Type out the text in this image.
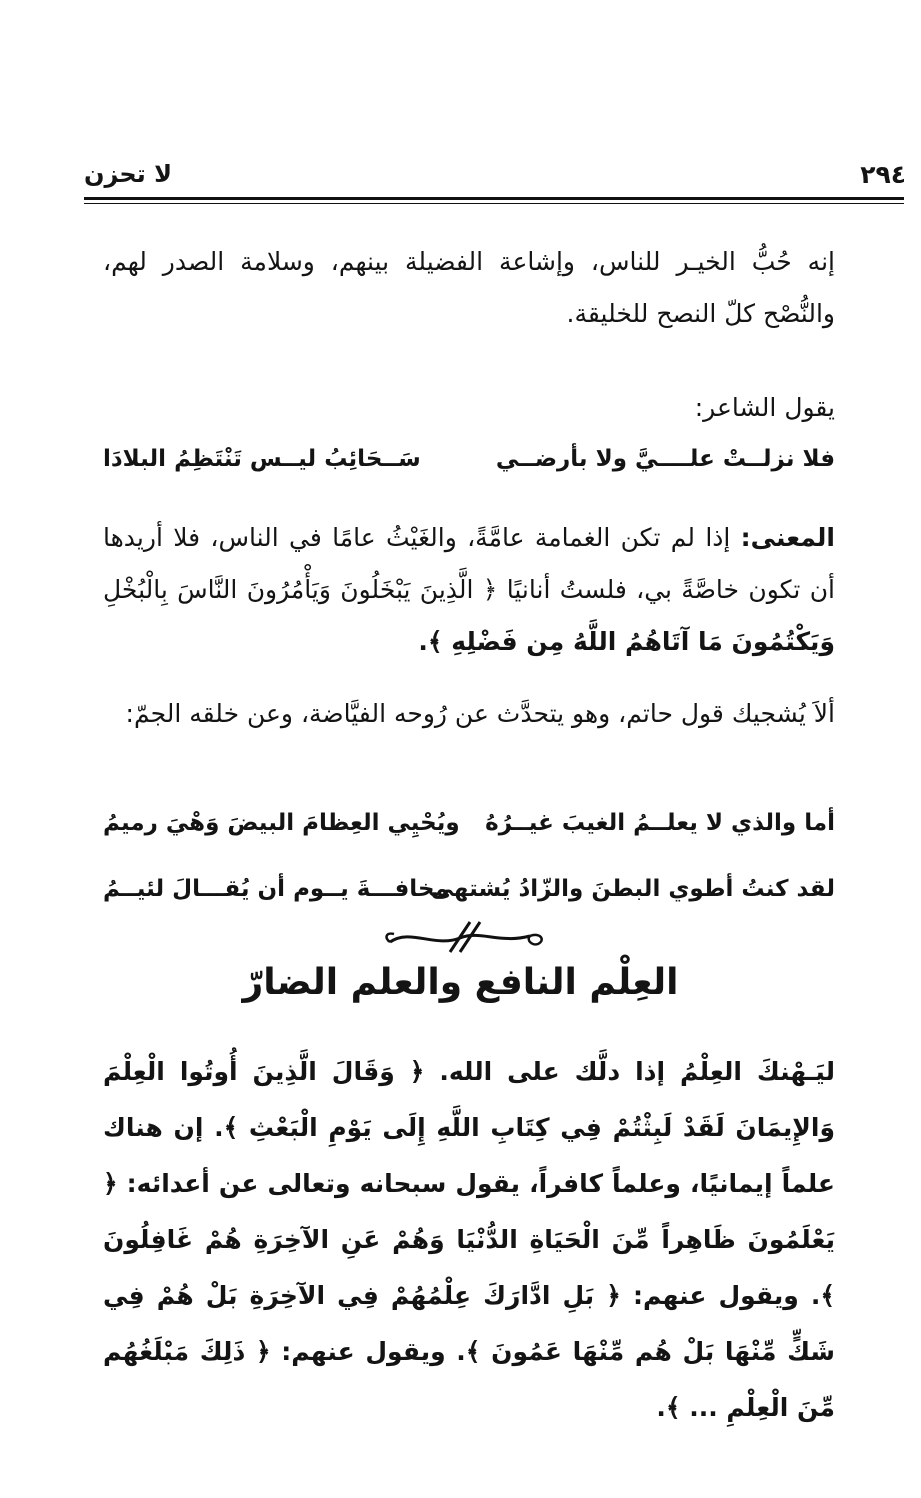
٢٩٤
لا تحزن

إنه حُبُّ الخيـر للناس، وإشاعة الفضيلة بينهم، وسلامة الصدر لهم، والنُّصْح كلّ النصح للخليقة.

يقول الشاعر:

فلا نزلــتْ علــــيَّ ولا بأرضــي
سَــحَائِبُ ليــس تَنْتَظِمُ البلادَا

المعنى: إذا لم تكن الغمامة عامَّةً، والغَيْثُ عامًا في الناس، فلا أريدها أن تكون خاصَّةً بي، فلستُ أنانيًا ﴿ الَّذِينَ يَبْخَلُونَ وَيَأْمُرُونَ النَّاسَ بِالْبُخْلِ وَيَكْتُمُونَ مَا آتَاهُمُ اللَّهُ مِن فَضْلِهِ ﴾.

ألاَ يُشجيك قول حاتم، وهو يتحدَّث عن رُوحه الفيَّاضة، وعن خلقه الجمّ:

أما والذي لا يعلــمُ الغيبَ غيــرُهُ
ويُحْيِي العِظامَ البيضَ وَهْيَ رميمُ
لقد كنتُ أطوي البطنَ والزّادُ يُشتهى
مخافـــةَ يــوم أن يُقـــالَ لئيــمُ
العِلْم النافع والعلم الضارّ

ليَـهْنكَ العِلْمُ إذا دلَّك على الله. ﴿ وَقَالَ الَّذِينَ أُوتُوا الْعِلْمَ وَالإِيمَانَ لَقَدْ لَبِثْتُمْ فِي كِتَابِ اللَّهِ إِلَى يَوْمِ الْبَعْثِ ﴾. إن هناك علماً إيمانيًا، وعلماً كافراً، يقول سبحانه وتعالى عن أعدائه: ﴿ يَعْلَمُونَ ظَاهِراً مِّنَ الْحَيَاةِ الدُّنْيَا وَهُمْ عَنِ الآخِرَةِ هُمْ غَافِلُونَ ﴾. ويقول عنهم: ﴿ بَلِ ادَّارَكَ عِلْمُهُمْ فِي الآخِرَةِ بَلْ هُمْ فِي شَكٍّ مِّنْهَا بَلْ هُم مِّنْهَا عَمُونَ ﴾. ويقول عنهم: ﴿ ذَلِكَ مَبْلَغُهُم مِّنَ الْعِلْمِ ... ﴾.
